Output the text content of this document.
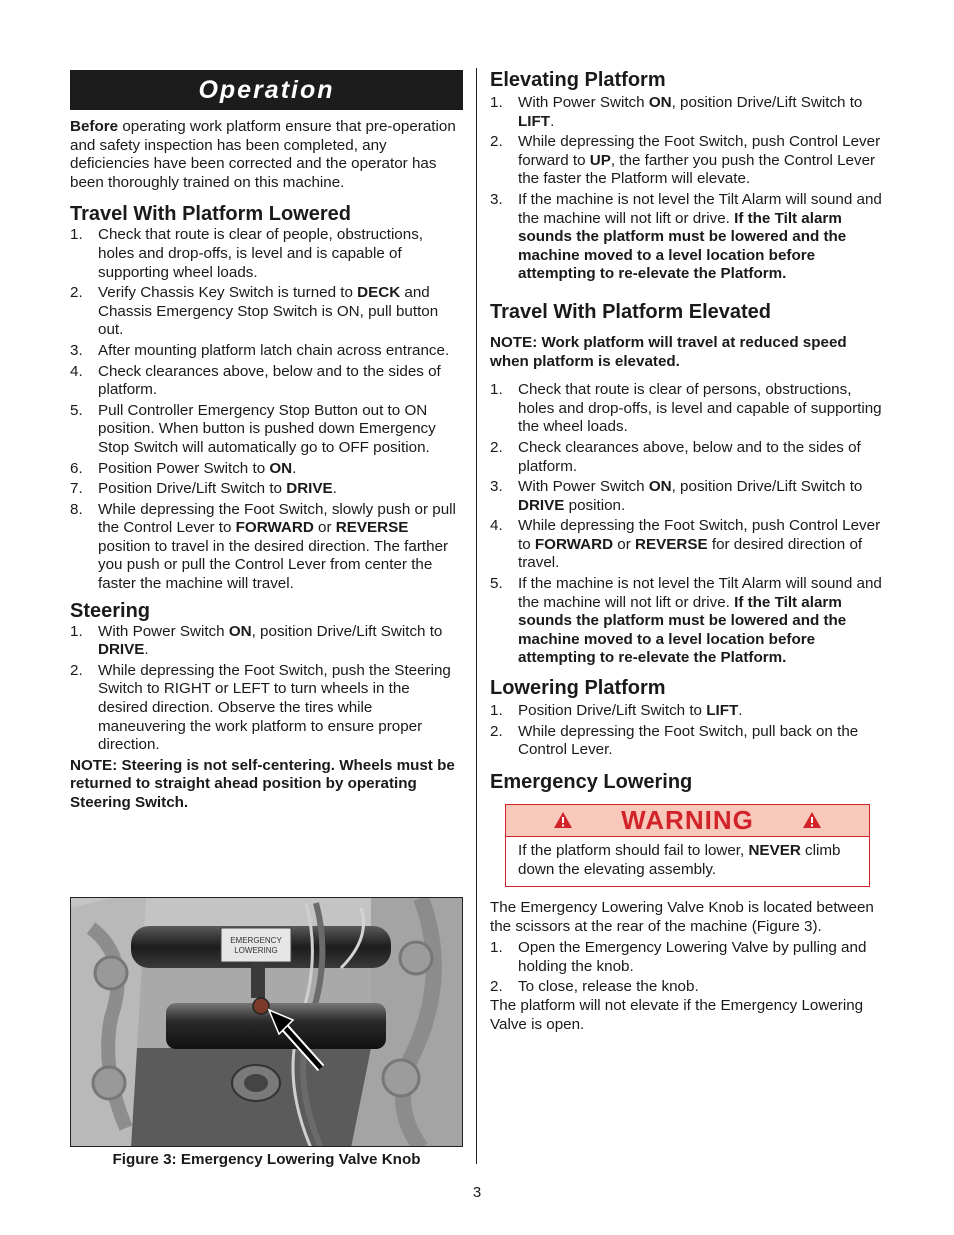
Operation

Before operating work platform ensure that pre-operation and safety inspection has been completed, any deficiencies have been corrected and the operator has been thoroughly trained on this machine.

Travel With Platform Lowered
1. Check that route is clear of people, obstructions, holes and drop-offs, is level and is capable of supporting wheel loads.
2. Verify Chassis Key Switch is turned to DECK and Chassis Emergency Stop Switch is ON, pull button out.
3. After mounting platform latch chain across entrance.
4. Check clearances above, below and to the sides of platform.
5. Pull Controller Emergency Stop Button out to ON position. When button is pushed down Emergency Stop Switch will automatically go to OFF position.
6. Position Power Switch to ON.
7. Position Drive/Lift Switch to DRIVE.
8. While depressing the Foot Switch, slowly push or pull the Control Lever to FORWARD or REVERSE position to travel in the desired direction. The farther you push or pull the Control Lever from center the faster the machine will travel.
Steering
1. With Power Switch ON, position Drive/Lift Switch to DRIVE.
2. While depressing the Foot Switch, push the Steering Switch to RIGHT or LEFT to turn wheels in the desired direction. Observe the tires while maneuvering the work platform to ensure proper direction.

NOTE: Steering is not self-centering. Wheels must be returned to straight ahead position by operating Steering Switch.

EMERGENCY
LOWERING
Figure 3: Emergency Lowering Valve Knob
Elevating Platform
1. With Power Switch ON, position Drive/Lift Switch to LIFT.
2. While depressing the Foot Switch, push Control Lever forward to UP, the farther you push the Control Lever the faster the Platform will elevate.
3. If the machine is not level the Tilt Alarm will sound and the machine will not lift or drive. If the Tilt alarm sounds the platform must be lowered and the machine moved to a level location before attempting to re-elevate the Platform.
Travel With Platform Elevated

NOTE: Work platform will travel at reduced speed when platform is elevated.

1. Check that route is clear of persons, obstructions, holes and drop-offs, is level and capable of supporting the wheel loads.
2. Check clearances above, below and to the sides of platform.
3. With Power Switch ON, position Drive/Lift Switch to DRIVE position.
4. While depressing the Foot Switch, push Control Lever to FORWARD or REVERSE for desired direction of travel.
5. If the machine is not level the Tilt Alarm will sound and the machine will not lift or drive. If the Tilt alarm sounds the platform must be lowered and the machine moved to a level location before attempting to re-elevate the Platform.
Lowering Platform
1. Position Drive/Lift Switch to LIFT.
2. While depressing the Foot Switch, pull back on the Control Lever.
Emergency Lowering
WARNING
If the platform should fail to lower, NEVER climb down the elevating assembly.

The Emergency Lowering Valve Knob is located between the scissors at the rear of the machine (Figure 3).

1. Open the Emergency Lowering Valve by pulling and holding the knob.
2. To close, release the knob.

The platform will not elevate if the Emergency Lowering Valve is open.

3
